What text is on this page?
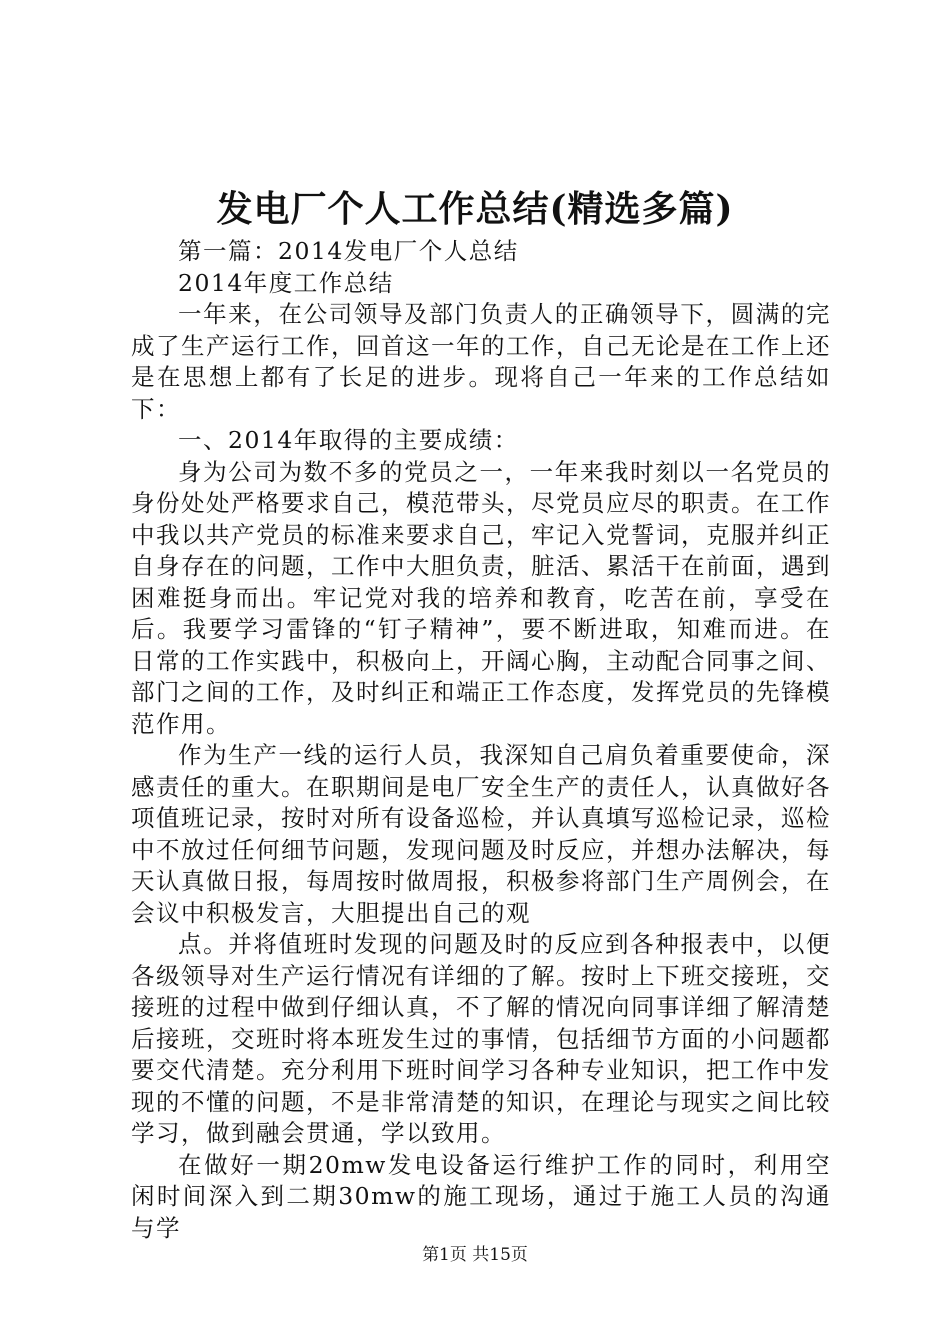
发电厂个人工作总结(精选多篇)

第一篇：2014发电厂个人总结

2014年度工作总结

一年来，在公司领导及部门负责人的正确领导下，圆满的完成了生产运行工作，回首这一年的工作，自己无论是在工作上还是在思想上都有了长足的进步。现将自己一年来的工作总结如下：

一、2014年取得的主要成绩：

身为公司为数不多的党员之一，一年来我时刻以一名党员的身份处处严格要求自己，模范带头，尽党员应尽的职责。在工作中我以共产党员的标准来要求自己，牢记入党誓词，克服并纠正自身存在的问题，工作中大胆负责，脏活、累活干在前面，遇到困难挺身而出。牢记党对我的培养和教育，吃苦在前，享受在后。我要学习雷锋的“钉子精神”，要不断进取，知难而进。在日常的工作实践中，积极向上，开阔心胸，主动配合同事之间、部门之间的工作，及时纠正和端正工作态度，发挥党员的先锋模范作用。

作为生产一线的运行人员，我深知自己肩负着重要使命，深感责任的重大。在职期间是电厂安全生产的责任人，认真做好各项值班记录，按时对所有设备巡检，并认真填写巡检记录，巡检中不放过任何细节问题，发现问题及时反应，并想办法解决，每天认真做日报，每周按时做周报，积极参将部门生产周例会，在会议中积极发言，大胆提出自己的观

点。并将值班时发现的问题及时的反应到各种报表中，以便各级领导对生产运行情况有详细的了解。按时上下班交接班，交接班的过程中做到仔细认真，不了解的情况向同事详细了解清楚后接班，交班时将本班发生过的事情，包括细节方面的小问题都要交代清楚。充分利用下班时间学习各种专业知识，把工作中发现的不懂的问题，不是非常清楚的知识，在理论与现实之间比较学习，做到融会贯通，学以致用。

在做好一期20mw发电设备运行维护工作的同时，利用空闲时间深入到二期30mw的施工现场，通过于施工人员的沟通与学

第1页 共15页
